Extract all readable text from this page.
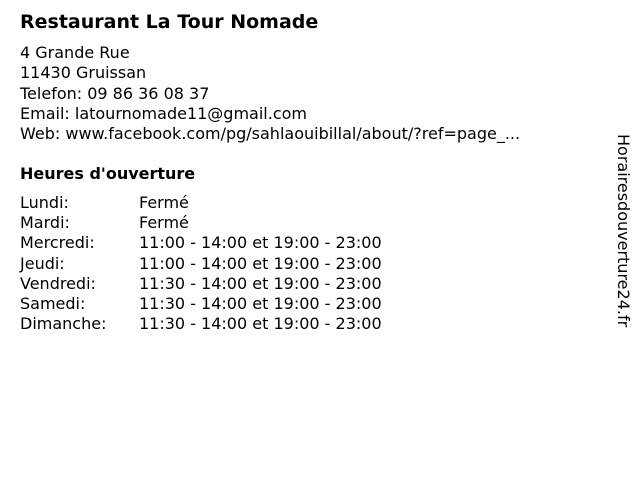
Restaurant La Tour Nomade
4 Grande Rue
11430 Gruissan
Telefon: 09 86 36 08 37
Email: latournomade11@gmail.com
Web: www.facebook.com/pg/sahlaouibillal/about/?ref=page_...
Heures d'ouverture
Lundi:	Fermé
Mardi:	Fermé
Mercredi:	11:00 - 14:00 et 19:00 - 23:00
Jeudi:	11:00 - 14:00 et 19:00 - 23:00
Vendredi:	11:30 - 14:00 et 19:00 - 23:00
Samedi:	11:30 - 14:00 et 19:00 - 23:00
Dimanche: 11:30 - 14:00 et 19:00 - 23:00	Horairesdouverture24.fr
